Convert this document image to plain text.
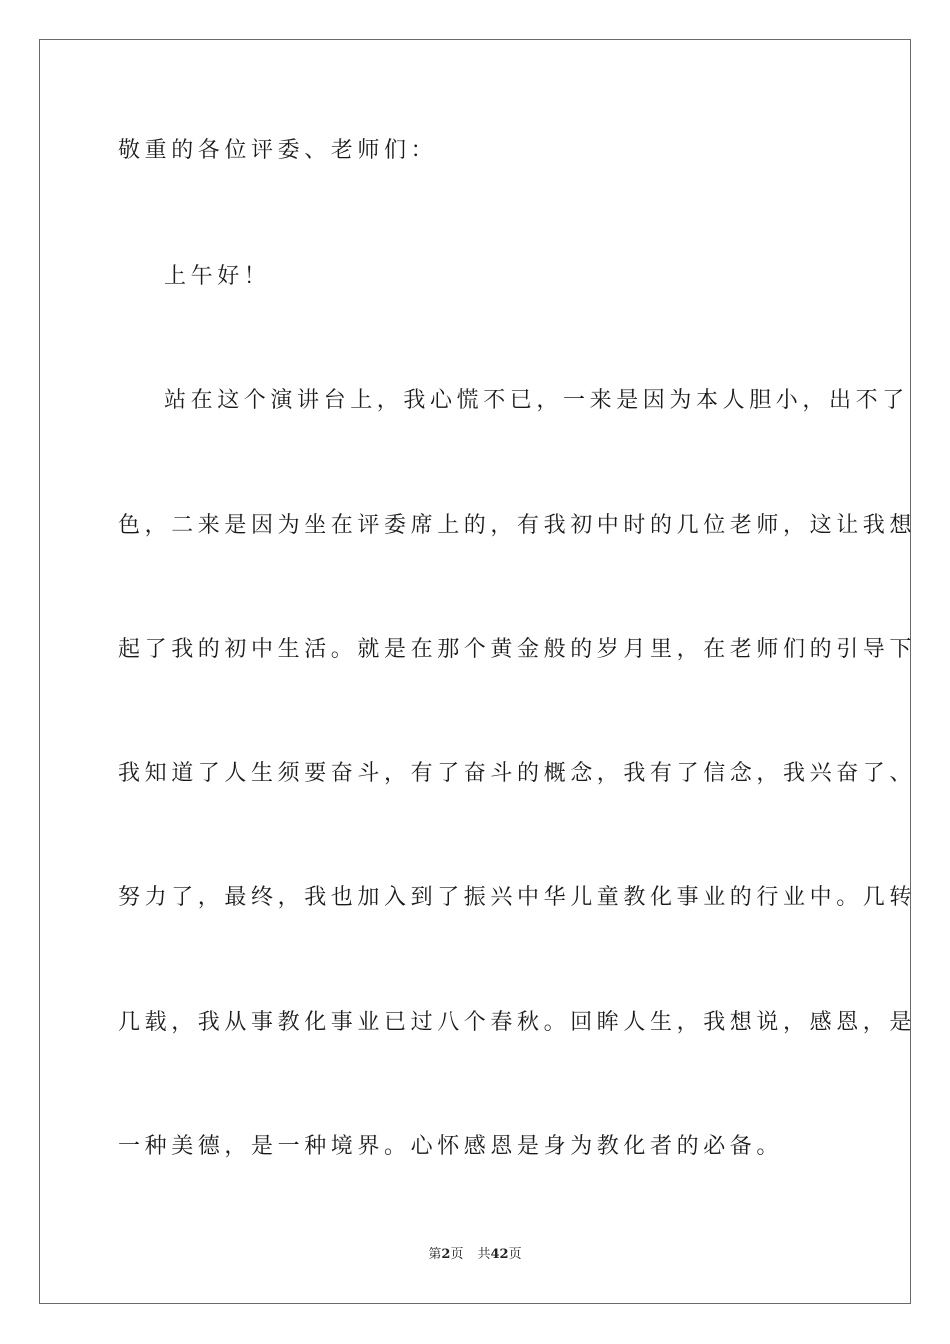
敬重的各位评委、老师们：
上午好！
站在这个演讲台上，我心慌不已，一来是因为本人胆小，出不了
色，二来是因为坐在评委席上的，有我初中时的几位老师，这让我想
起了我的初中生活。就是在那个黄金般的岁月里，在老师们的引导下
我知道了人生须要奋斗，有了奋斗的概念，我有了信念，我兴奋了、
努力了，最终，我也加入到了振兴中华儿童教化事业的行业中。几转
几载，我从事教化事业已过八个春秋。回眸人生，我想说，感恩，是
一种美德，是一种境界。心怀感恩是身为教化者的必备。
第2页 共42页
